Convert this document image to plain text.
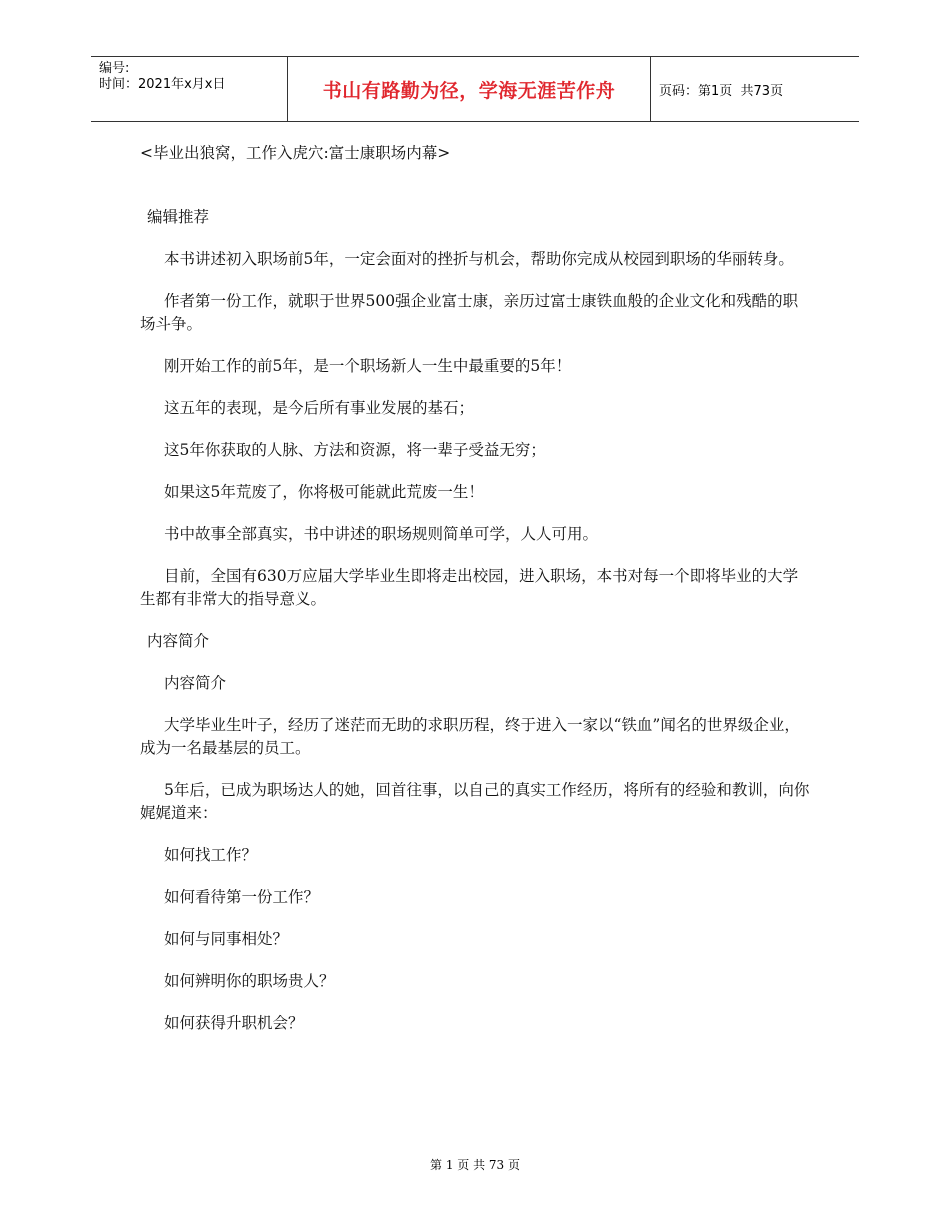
编号:
时间：2021年x月x日	书山有路勤为径，学海无涯苦作舟	页码：第1页  共73页

<毕业出狼窝，工作入虎穴:富士康职场内幕>

编辑推荐

本书讲述初入职场前5年，一定会面对的挫折与机会，帮助你完成从校园到职场的华丽转身。

作者第一份工作，就职于世界500强企业富士康，亲历过富士康铁血般的企业文化和残酷的职场斗争。

刚开始工作的前5年，是一个职场新人一生中最重要的5年！

这五年的表现，是今后所有事业发展的基石；

这5年你获取的人脉、方法和资源，将一辈子受益无穷；

如果这5年荒废了，你将极可能就此荒废一生！

书中故事全部真实，书中讲述的职场规则简单可学，人人可用。

目前，全国有630万应届大学毕业生即将走出校园，进入职场，本书对每一个即将毕业的大学生都有非常大的指导意义。

内容简介

内容简介

大学毕业生叶子，经历了迷茫而无助的求职历程，终于进入一家以“铁血”闻名的世界级企业，成为一名最基层的员工。

5年后，已成为职场达人的她，回首往事，以自己的真实工作经历，将所有的经验和教训，向你娓娓道来：

如何找工作？

如何看待第一份工作？

如何与同事相处？

如何辨明你的职场贵人？

如何获得升职机会？

第 1 页 共 73 页
